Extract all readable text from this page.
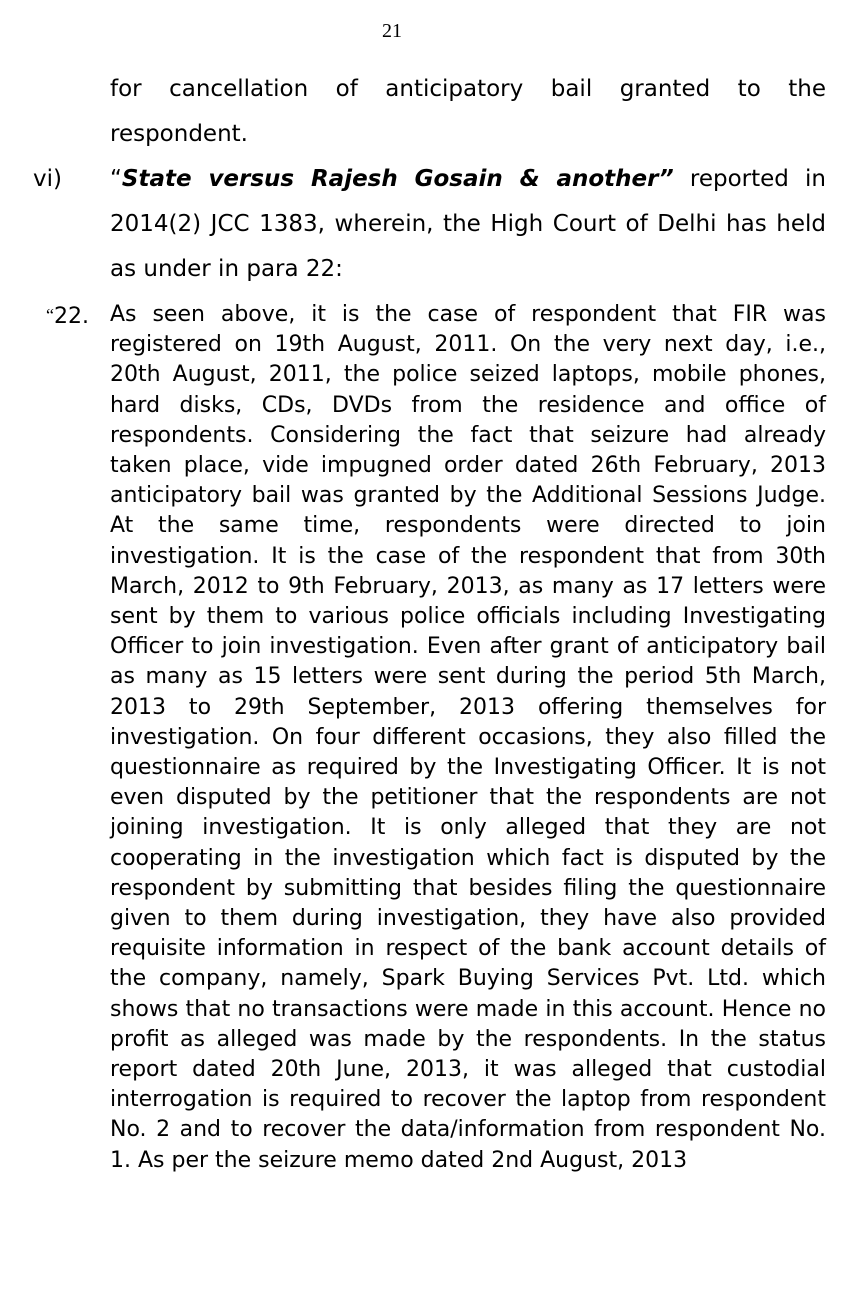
21

for cancellation of anticipatory bail granted to the respondent.

vi) “State versus Rajesh Gosain & another” reported in 2014(2) JCC 1383, wherein, the High Court of Delhi has held as under in para 22:

“22. As seen above, it is the case of respondent that FIR was registered on 19th August, 2011. On the very next day, i.e., 20th August, 2011, the police seized laptops, mobile phones, hard disks, CDs, DVDs from the residence and office of respondents. Considering the fact that seizure had already taken place, vide impugned order dated 26th February, 2013 anticipatory bail was granted by the Additional Sessions Judge. At the same time, respondents were directed to join investigation. It is the case of the respondent that from 30th March, 2012 to 9th February, 2013, as many as 17 letters were sent by them to various police officials including Investigating Officer to join investigation. Even after grant of anticipatory bail as many as 15 letters were sent during the period 5th March, 2013 to 29th September, 2013 offering themselves for investigation. On four different occasions, they also filled the questionnaire as required by the Investigating Officer. It is not even disputed by the petitioner that the respondents are not joining investigation. It is only alleged that they are not cooperating in the investigation which fact is disputed by the respondent by submitting that besides filing the questionnaire given to them during investigation, they have also provided requisite information in respect of the bank account details of the company, namely, Spark Buying Services Pvt. Ltd. which shows that no transactions were made in this account. Hence no profit as alleged was made by the respondents. In the status report dated 20th June, 2013, it was alleged that custodial interrogation is required to recover the laptop from respondent No. 2 and to recover the data/information from respondent No. 1. As per the seizure memo dated 2nd August, 2013
